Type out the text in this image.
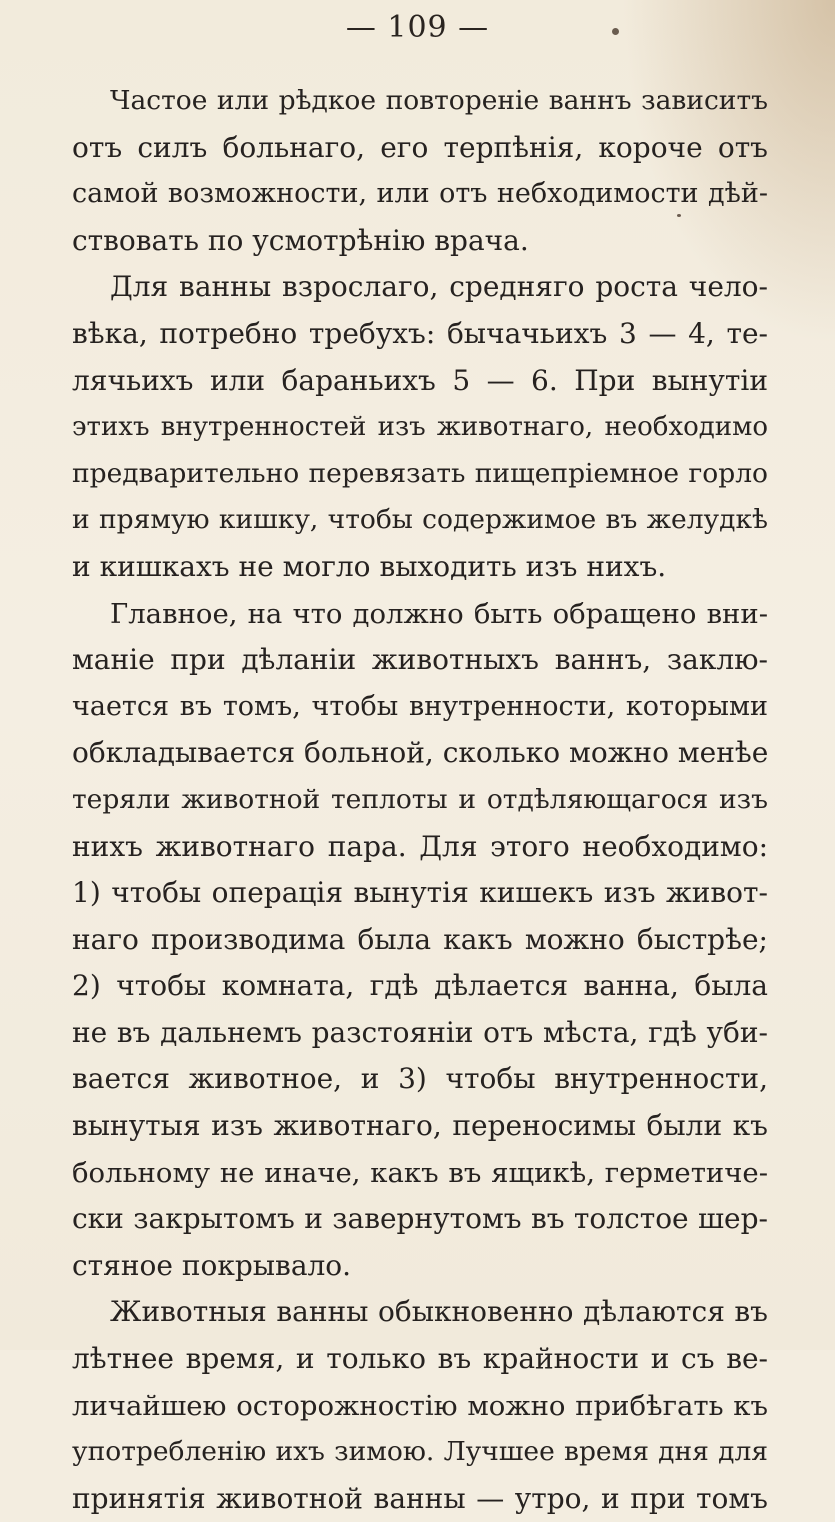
— 109 —
Частое или рѣдкое повтореніе ваннъ зависитъ
отъ силъ больнаго, его терпѣнія, короче отъ
самой возможности, или отъ небходимости дѣй-
ствовать по усмотрѣнію врача.
Для ванны взрослаго, средняго роста чело-
вѣка, потребно требухъ: бычачьихъ 3 — 4, те-
лячьихъ или бараньихъ 5 — 6. При вынутіи
этихъ внутренностей изъ животнаго, необходимо
предварительно перевязать пищепріемное горло
и прямую кишку, чтобы содержимое въ желудкѣ
и кишкахъ не могло выходить изъ нихъ.
Главное, на что должно быть обращено вни-
маніе при дѣланіи животныхъ ваннъ, заклю-
чается въ томъ, чтобы внутренности, которыми
обкладывается больной, сколько можно менѣе
теряли животной теплоты и отдѣляющагося изъ
нихъ животнаго пара. Для этого необходимо:
1) чтобы операція вынутія кишекъ изъ живот-
наго производима была какъ можно быстрѣе;
2) чтобы комната, гдѣ дѣлается ванна, была
не въ дальнемъ разстояніи отъ мѣста, гдѣ уби-
вается животное, и 3) чтобы внутренности,
вынутыя изъ животнаго, переносимы были къ
больному не иначе, какъ въ ящикѣ, герметиче-
ски закрытомъ и завернутомъ въ толстое шер-
стяное покрывало.
Животныя ванны обыкновенно дѣлаются въ
лѣтнее время, и только въ крайности и съ ве-
личайшею осторожностію можно прибѣгать къ
употребленію ихъ зимою. Лучшее время дня для
принятія животной ванны — утро, и при томъ
